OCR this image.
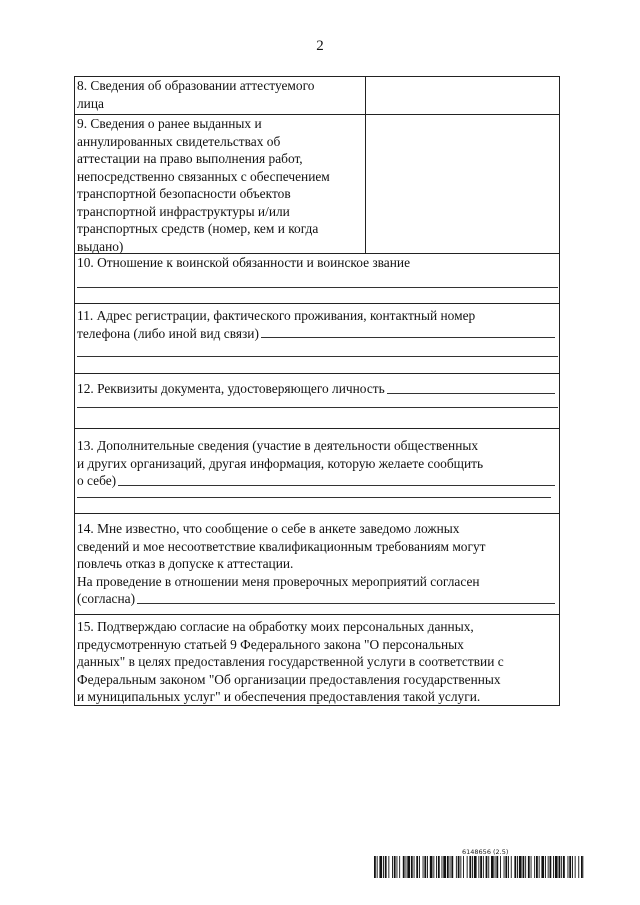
2
8. Сведения об образовании аттестуемого
лица
9. Сведения о ранее выданных и
аннулированных свидетельствах об
аттестации на право выполнения работ,
непосредственно связанных с обеспечением
транспортной безопасности объектов
транспортной инфраструктуры и/или
транспортных средств (номер, кем и когда
выдано)
10. Отношение к воинской обязанности и воинское звание
11. Адрес регистрации, фактического проживания, контактный номер
телефона (либо иной вид связи)
12. Реквизиты документа, удостоверяющего личность
13. Дополнительные сведения (участие в деятельности общественных
и других организаций, другая информация, которую желаете сообщить
о себе)
14. Мне известно, что сообщение о себе в анкете заведомо ложных
сведений и мое несоответствие квалификационным требованиям могут
повлечь отказ в допуске к аттестации.
На проведение в отношении меня проверочных мероприятий согласен
(согласна)
15. Подтверждаю согласие на обработку моих персональных данных,
предусмотренную статьей 9 Федерального закона "О персональных
данных" в целях предоставления государственной услуги в соответствии с
Федеральным законом "Об организации предоставления государственных
и муниципальных услуг" и обеспечения предоставления такой услуги.
6148656 (2.5)
